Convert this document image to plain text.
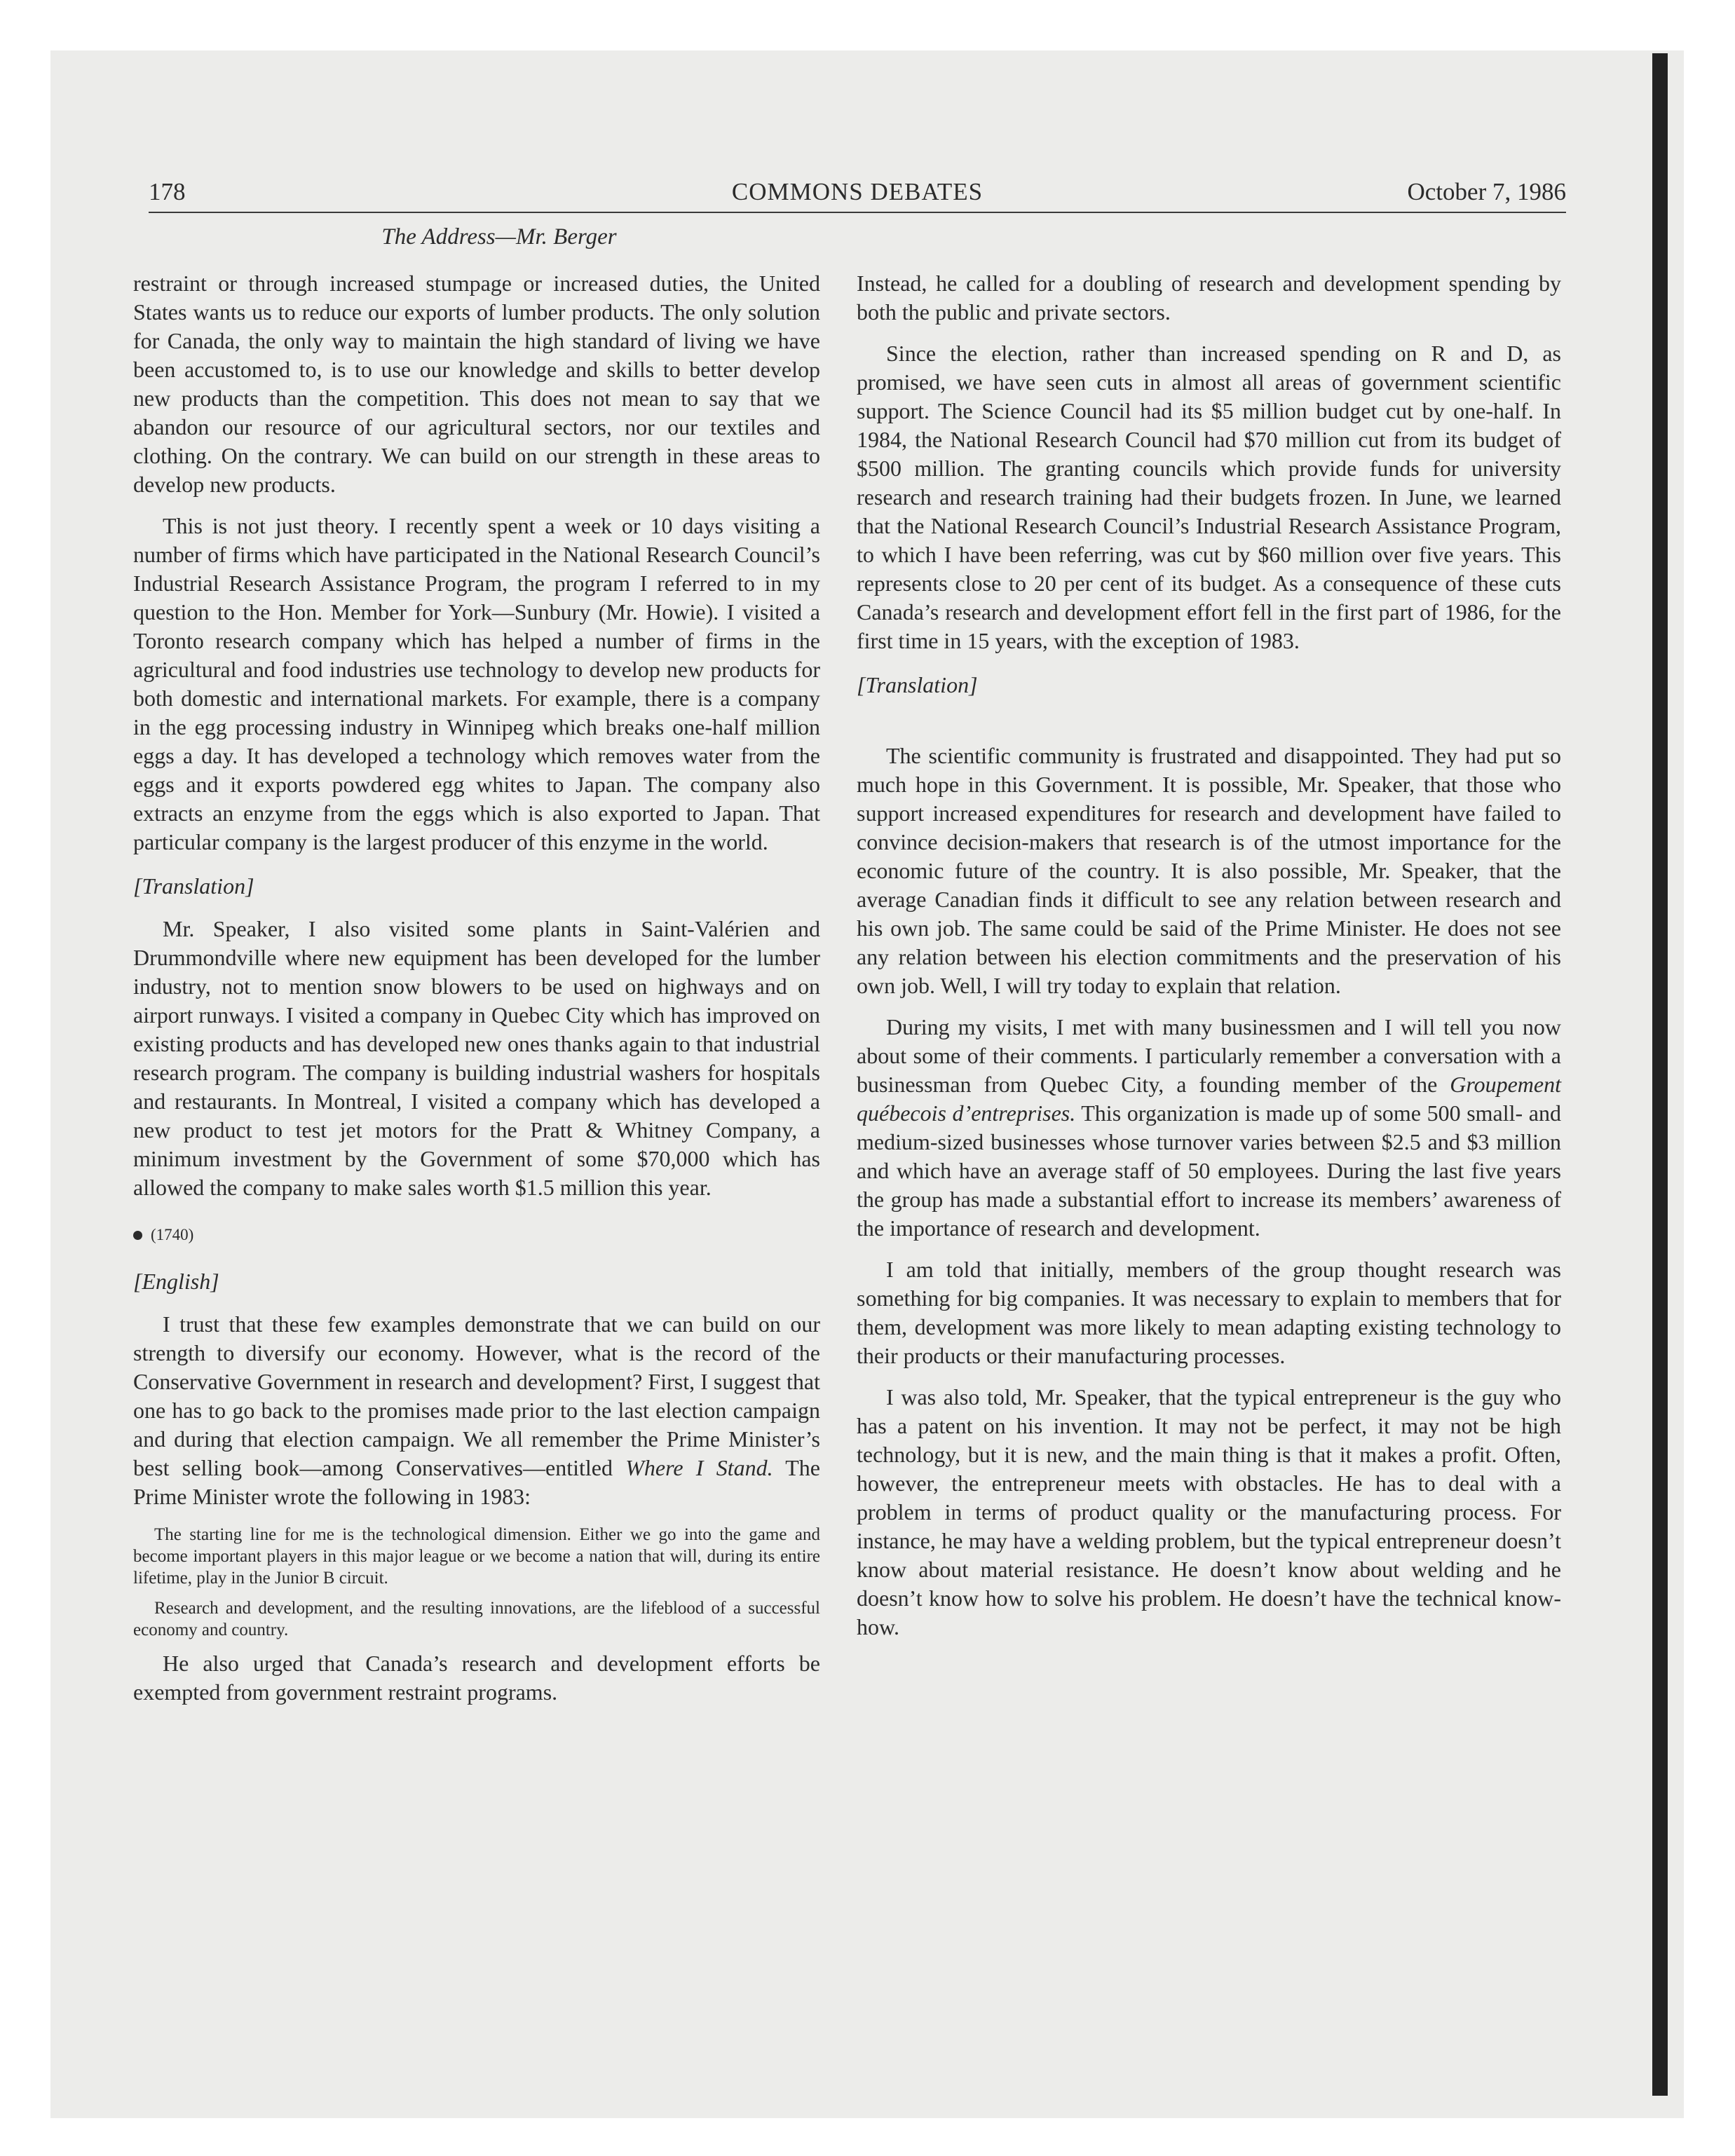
178	COMMONS DEBATES	October 7, 1986
The Address—Mr. Berger

restraint or through increased stumpage or increased duties, the United States wants us to reduce our exports of lumber products. The only solution for Canada, the only way to maintain the high standard of living we have been accustomed to, is to use our knowledge and skills to better develop new products than the competition. This does not mean to say that we abandon our resource of our agricultural sectors, nor our textiles and clothing. On the contrary. We can build on our strength in these areas to develop new products.

This is not just theory. I recently spent a week or 10 days visiting a number of firms which have participated in the National Research Council’s Industrial Research Assistance Program, the program I referred to in my question to the Hon. Member for York—Sunbury (Mr. Howie). I visited a Toronto research company which has helped a number of firms in the agricultural and food industries use technology to develop new products for both domestic and international markets. For example, there is a company in the egg processing industry in Winnipeg which breaks one-half million eggs a day. It has developed a technology which removes water from the eggs and it exports powdered egg whites to Japan. The company also extracts an enzyme from the eggs which is also exported to Japan. That particular company is the largest producer of this enzyme in the world.

[Translation]

Mr. Speaker, I also visited some plants in Saint-Valérien and Drummondville where new equipment has been developed for the lumber industry, not to mention snow blowers to be used on highways and on airport runways. I visited a company in Quebec City which has improved on existing products and has developed new ones thanks again to that industrial research program. The company is building industrial washers for hospitals and restaurants. In Montreal, I visited a company which has developed a new product to test jet motors for the Pratt & Whitney Company, a minimum investment by the Government of some $70,000 which has allowed the company to make sales worth $1.5 million this year.

(1740)
[English]

I trust that these few examples demonstrate that we can build on our strength to diversify our economy. However, what is the record of the Conservative Government in research and development? First, I suggest that one has to go back to the promises made prior to the last election campaign and during that election campaign. We all remember the Prime Minister’s best selling book—among Conservatives—entitled Where I Stand. The Prime Minister wrote the following in 1983:

The starting line for me is the technological dimension. Either we go into the game and become important players in this major league or we become a nation that will, during its entire lifetime, play in the Junior B circuit.

Research and development, and the resulting innovations, are the lifeblood of a successful economy and country.

He also urged that Canada’s research and development efforts be exempted from government restraint programs.

Instead, he called for a doubling of research and development spending by both the public and private sectors.

Since the election, rather than increased spending on R and D, as promised, we have seen cuts in almost all areas of government scientific support. The Science Council had its $5 million budget cut by one-half. In 1984, the National Research Council had $70 million cut from its budget of $500 million. The granting councils which provide funds for university research and research training had their budgets frozen. In June, we learned that the National Research Council’s Industrial Research Assistance Program, to which I have been referring, was cut by $60 million over five years. This represents close to 20 per cent of its budget. As a consequence of these cuts Canada’s research and development effort fell in the first part of 1986, for the first time in 15 years, with the exception of 1983.

[Translation]

The scientific community is frustrated and disappointed. They had put so much hope in this Government. It is possible, Mr. Speaker, that those who support increased expenditures for research and development have failed to convince decision-makers that research is of the utmost importance for the economic future of the country. It is also possible, Mr. Speaker, that the average Canadian finds it difficult to see any relation between research and his own job. The same could be said of the Prime Minister. He does not see any relation between his election commitments and the preservation of his own job. Well, I will try today to explain that relation.

During my visits, I met with many businessmen and I will tell you now about some of their comments. I particularly remember a conversation with a businessman from Quebec City, a founding member of the Groupement québecois d’entreprises. This organization is made up of some 500 small- and medium-sized businesses whose turnover varies between $2.5 and $3 million and which have an average staff of 50 employees. During the last five years the group has made a substantial effort to increase its members’ awareness of the importance of research and development.

I am told that initially, members of the group thought research was something for big companies. It was necessary to explain to members that for them, development was more likely to mean adapting existing technology to their products or their manufacturing processes.

I was also told, Mr. Speaker, that the typical entrepreneur is the guy who has a patent on his invention. It may not be perfect, it may not be high technology, but it is new, and the main thing is that it makes a profit. Often, however, the entrepreneur meets with obstacles. He has to deal with a problem in terms of product quality or the manufacturing process. For instance, he may have a welding problem, but the typical entrepreneur doesn’t know about material resistance. He doesn’t know about welding and he doesn’t know how to solve his problem. He doesn’t have the technical know-how.
